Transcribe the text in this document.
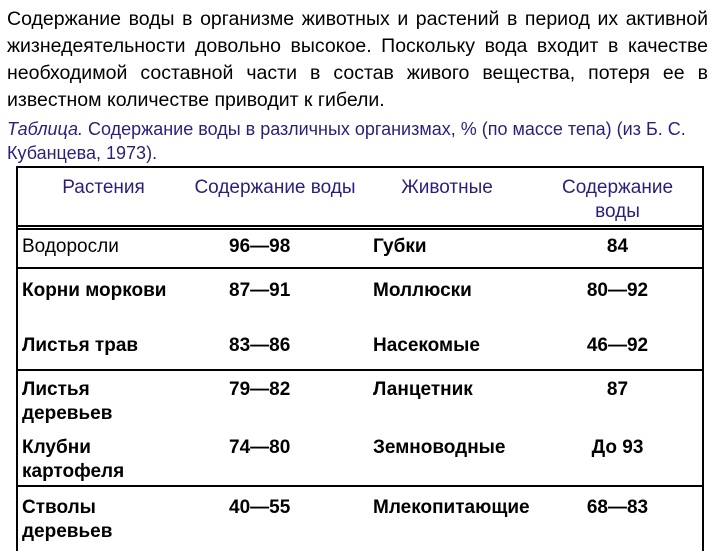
Содержание воды в организме животных и растений в период их активной жизнедеятельности довольно высокое. Поскольку вода входит в качестве необходимой составной части в состав живого вещества, потеря ее в известном количестве приводит к гибели.
Таблица. Содержание воды в различных организмах, % (по массе тепа) (из Б. С. Кубанцева, 1973).
Растения	Содержание воды	Животные	Содержание воды
Водоросли	96—98	Губки	84
Корни моркови	87—91	Моллюски	80—92
Листья трав	83—86	Насекомые	46—92
Листья деревьев	79—82	Ланцетник	87
Клубни картофеля	74—80	Земноводные	До 93
Стволы деревьев	40—55	Млекопитающие	68—83
